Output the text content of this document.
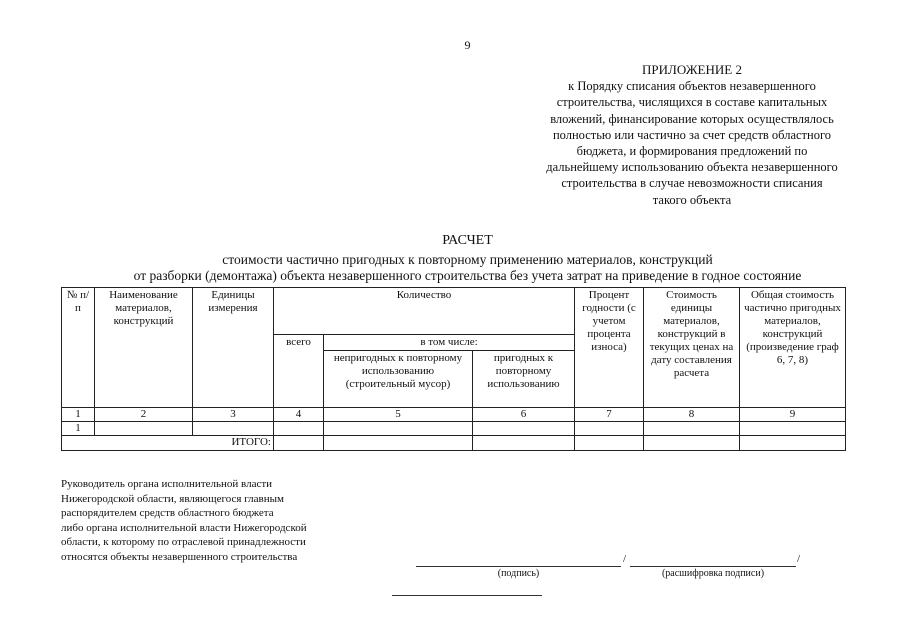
9
ПРИЛОЖЕНИЕ 2
к Порядку списания объектов незавершенного
строительства, числящихся в составе капитальных
вложений, финансирование которых осуществлялось
полностью или частично за счет средств областного
бюджета, и формирования предложений по
дальнейшему использованию объекта незавершенного
строительства в случае невозможности списания
такого объекта
РАСЧЕТ
стоимости частично пригодных к повторному применению материалов, конструкций
от разборки (демонтажа) объекта незавершенного строительства без учета затрат на приведение в годное состояние
№ п/п	Наименование материалов, конструкций	Единицы измерения	Количество			Процент годности (с учетом процента износа)	Стоимость единицы материалов, конструкций в текущих ценах на дату составления расчета	Общая стоимость частично пригодных материалов, конструкций (произведение граф 6, 7, 8)
			всего	в том числе:				
				непригодных к повторному использованию (строительный мусор)	пригодных к повторному использованию			
1	2	3	4	5	6	7	8	9
1								
ИТОГО:								
Руководитель органа исполнительной власти
Нижегородской области, являющегося главным
распорядителем средств областного бюджета
либо органа исполнительной власти Нижегородской
области, к которому по отраслевой принадлежности
относятся объекты незавершенного строительства	/	/
(подпись)	(расшифровка подписи)
